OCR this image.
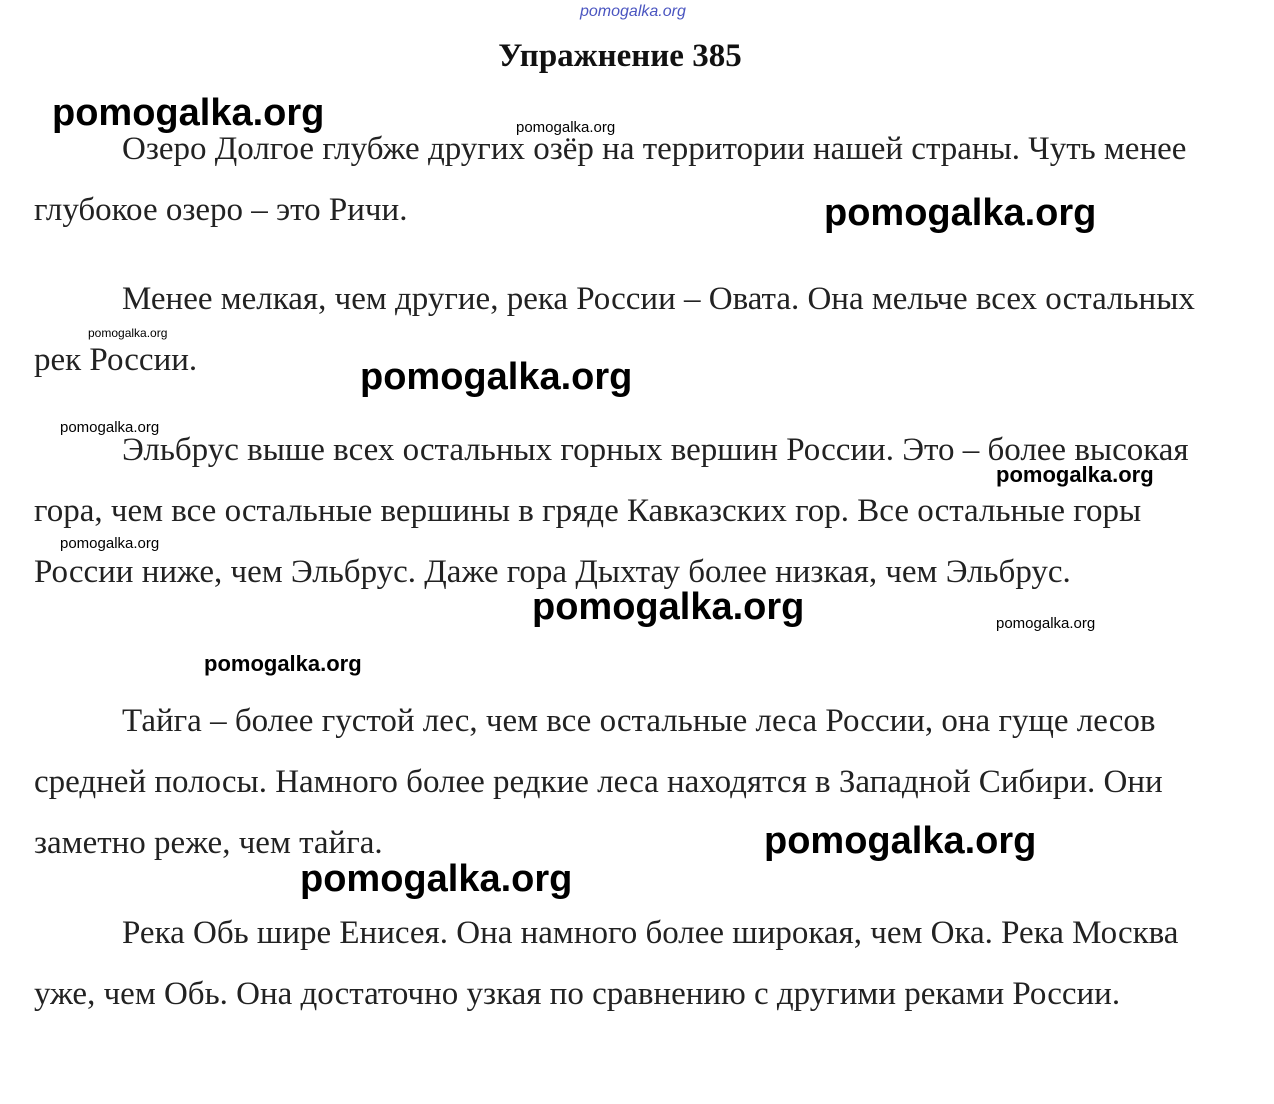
pomogalka.org
Упражнение 385

Озеро Долгое глубже других озёр на территории нашей страны. Чуть менее глубокое озеро – это Ричи.

Менее мелкая, чем другие, река России – Овата. Она мельче всех остальных рек России.

Эльбрус выше всех остальных горных вершин России. Это – более высокая гора, чем все остальные вершины в гряде Кавказских гор. Все остальные горы России ниже, чем Эльбрус. Даже гора Дыхтау более низкая, чем Эльбрус.

Тайга – более густой лес, чем все остальные леса России, она гуще лесов средней полосы. Намного более редкие леса находятся в Западной Сибири. Они заметно реже, чем тайга.

Река Обь шире Енисея. Она намного более широкая, чем Ока. Река Москва уже, чем Обь. Она достаточно узкая по сравнению с другими реками России.

pomogalka.org	pomogalka.org
pomogalka.org
pomogalka.org
pomogalka.org
pomogalka.org
pomogalka.org
pomogalka.org
pomogalka.org	pomogalka.org
pomogalka.org
pomogalka.org
pomogalka.org
